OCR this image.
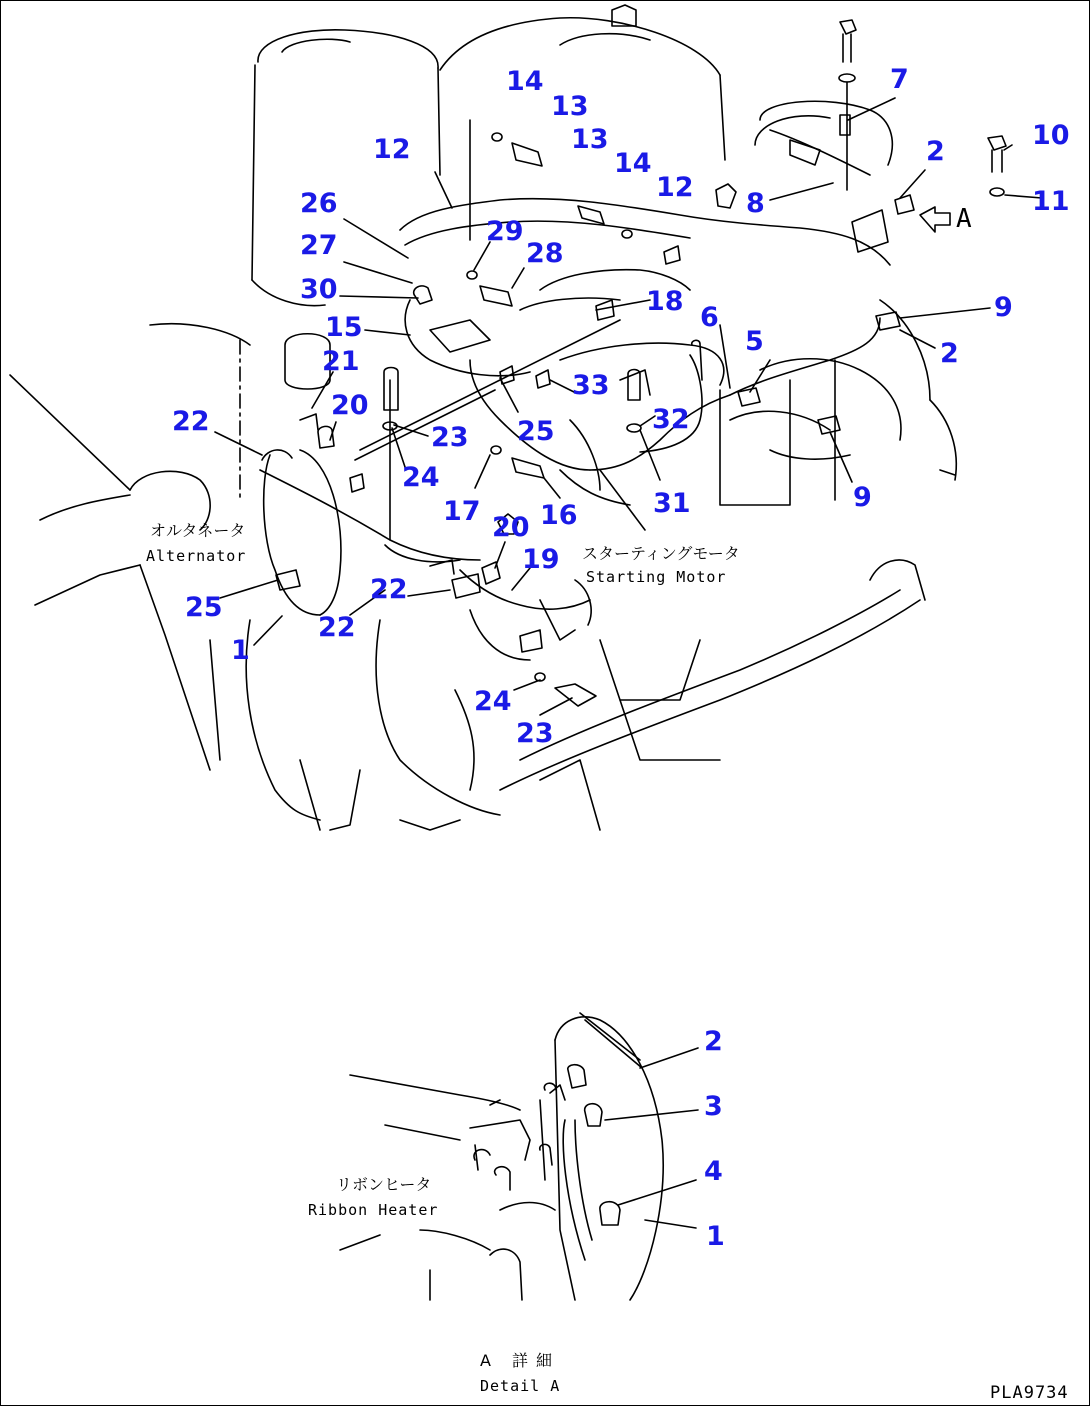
14
13
13
14
12
12
26
27
30
29
28
18
7
8
2
10
11
9
2
6
5
15
21
20
22
33
32
23 25
24
17 16	31	9
20
19
22
25
1
22
24
23
2
3
4
1
オルタネータ
Alternator	スターティングモータ
Starting Motor
A
リボンヒータ
Ribbon Heater
A 詳細
Detail A	PLA9734
